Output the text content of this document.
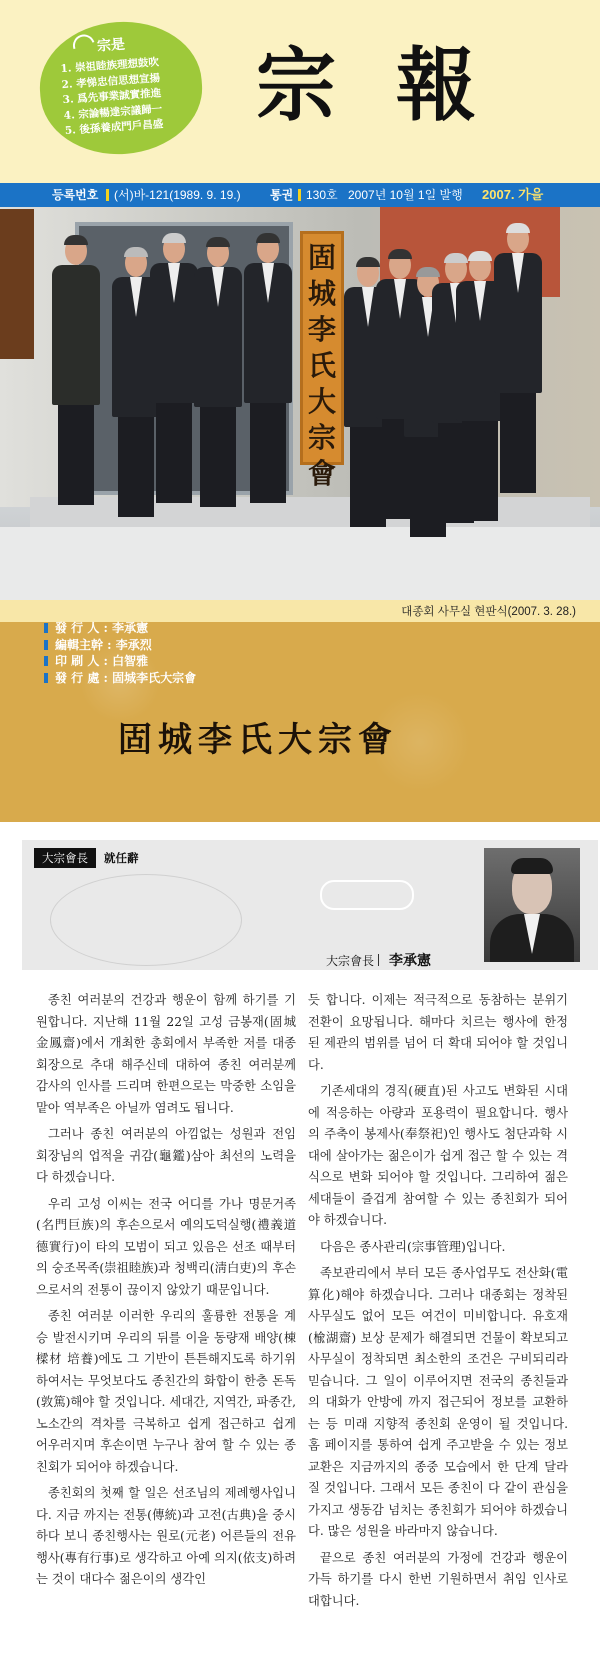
宗是
1. 崇祖睦族理想鼓吹
2. 孝悌忠信思想宣揚
3. 爲先事業誠實推進
4. 宗論暢達宗議歸一
5. 後孫養成門戶昌盛 宗報
등록번호 (서)바-121(1989. 9. 19.) 통권 130호 2007년 10월 1일 발행 2007. 가을
固城李氏大宗會
대종회 사무실 현판식(2007. 3. 28.)
發 行 人 : 李承憲
編輯主幹 : 李承烈
印 刷 人 : 白智雅
發 行 處 : 固城李氏大宗會
固城李氏大宗會
大宗會長 就任辭
大宗會長 李承憲

종친 여러분의 건강과 행운이 함께 하기를 기원합니다. 지난해 11월 22일 고성 금봉재(固城 金鳳齋)에서 개최한 총회에서 부족한 저를 대종회장으로 추대 해주신데 대하여 종친 여러분께 감사의 인사를 드리며 한편으로는 막중한 소임을 맡아 역부족은 아닐까 염려도 됩니다.

그러나 종친 여러분의 아낌없는 성원과 전임 회장님의 업적을 귀감(龜鑑)삼아 최선의 노력을 다 하겠습니다.

우리 고성 이씨는 전국 어디를 가나 명문거족(名門巨族)의 후손으로서 예의도덕실행(禮義道德實行)이 타의 모범이 되고 있음은 선조 때부터의 숭조목족(崇祖睦族)과 청백리(淸白吏)의 후손으로서의 전통이 끊이지 않았기 때문입니다.

종친 여러분 이러한 우리의 훌륭한 전통을 계승 발전시키며 우리의 뒤를 이을 동량재 배양(棟樑材 培養)에도 그 기반이 튼튼해지도록 하기위하여서는 무엇보다도 종친간의 화합이 한층 돈독(敦篤)해야 할 것입니다. 세대간, 지역간, 파종간, 노소간의 격차를 극복하고 쉽게 접근하고 쉽게 어우러지며 후손이면 누구나 참여 할 수 있는 종친회가 되어야 하겠습니다.

종친회의 첫째 할 일은 선조님의 제례행사입니다. 지금 까지는 전통(傳統)과 고전(古典)을 중시하다 보니 종친행사는 원로(元老) 어른들의 전유행사(專有行事)로 생각하고 아예 의지(依支)하려는 것이 대다수 젊은이의 생각인

듯 합니다. 이제는 적극적으로 동참하는 분위기 전환이 요망됩니다. 해마다 치르는 행사에 한정된 제관의 범위를 넘어 더 확대 되어야 할 것입니다.

기존세대의 경직(硬直)된 사고도 변화된 시대에 적응하는 아량과 포용력이 필요합니다. 행사의 주축이 봉제사(奉祭祀)인 행사도 첨단과학 시대에 살아가는 젊은이가 쉽게 접근 할 수 있는 격식으로 변화 되어야 할 것입니다. 그리하여 젊은 세대들이 즐겁게 참여할 수 있는 종친회가 되어야 하겠습니다.

다음은 종사관리(宗事管理)입니다.

족보관리에서 부터 모든 종사업무도 전산화(電算化)해야 하겠습니다. 그러나 대종회는 정착된 사무실도 없어 모든 여건이 미비합니다. 유호재(楡湖齋) 보상 문제가 해결되면 건물이 확보되고 사무실이 정착되면 최소한의 조건은 구비되리라 믿습니다. 그 일이 이루어지면 전국의 종친들과의 대화가 안방에 까지 접근되어 정보를 교환하는 등 미래 지향적 종친회 운영이 될 것입니다. 홈 페이지를 통하여 쉽게 주고받을 수 있는 정보교환은 지금까지의 종중 모습에서 한 단계 달라질 것입니다. 그래서 모든 종친이 다 같이 관심을 가지고 생동감 넘치는 종친회가 되어야 하겠습니다. 많은 성원을 바라마지 않습니다.

끝으로 종친 여러분의 가정에 건강과 행운이 가득 하기를 다시 한번 기원하면서 취임 인사로 대합니다.
